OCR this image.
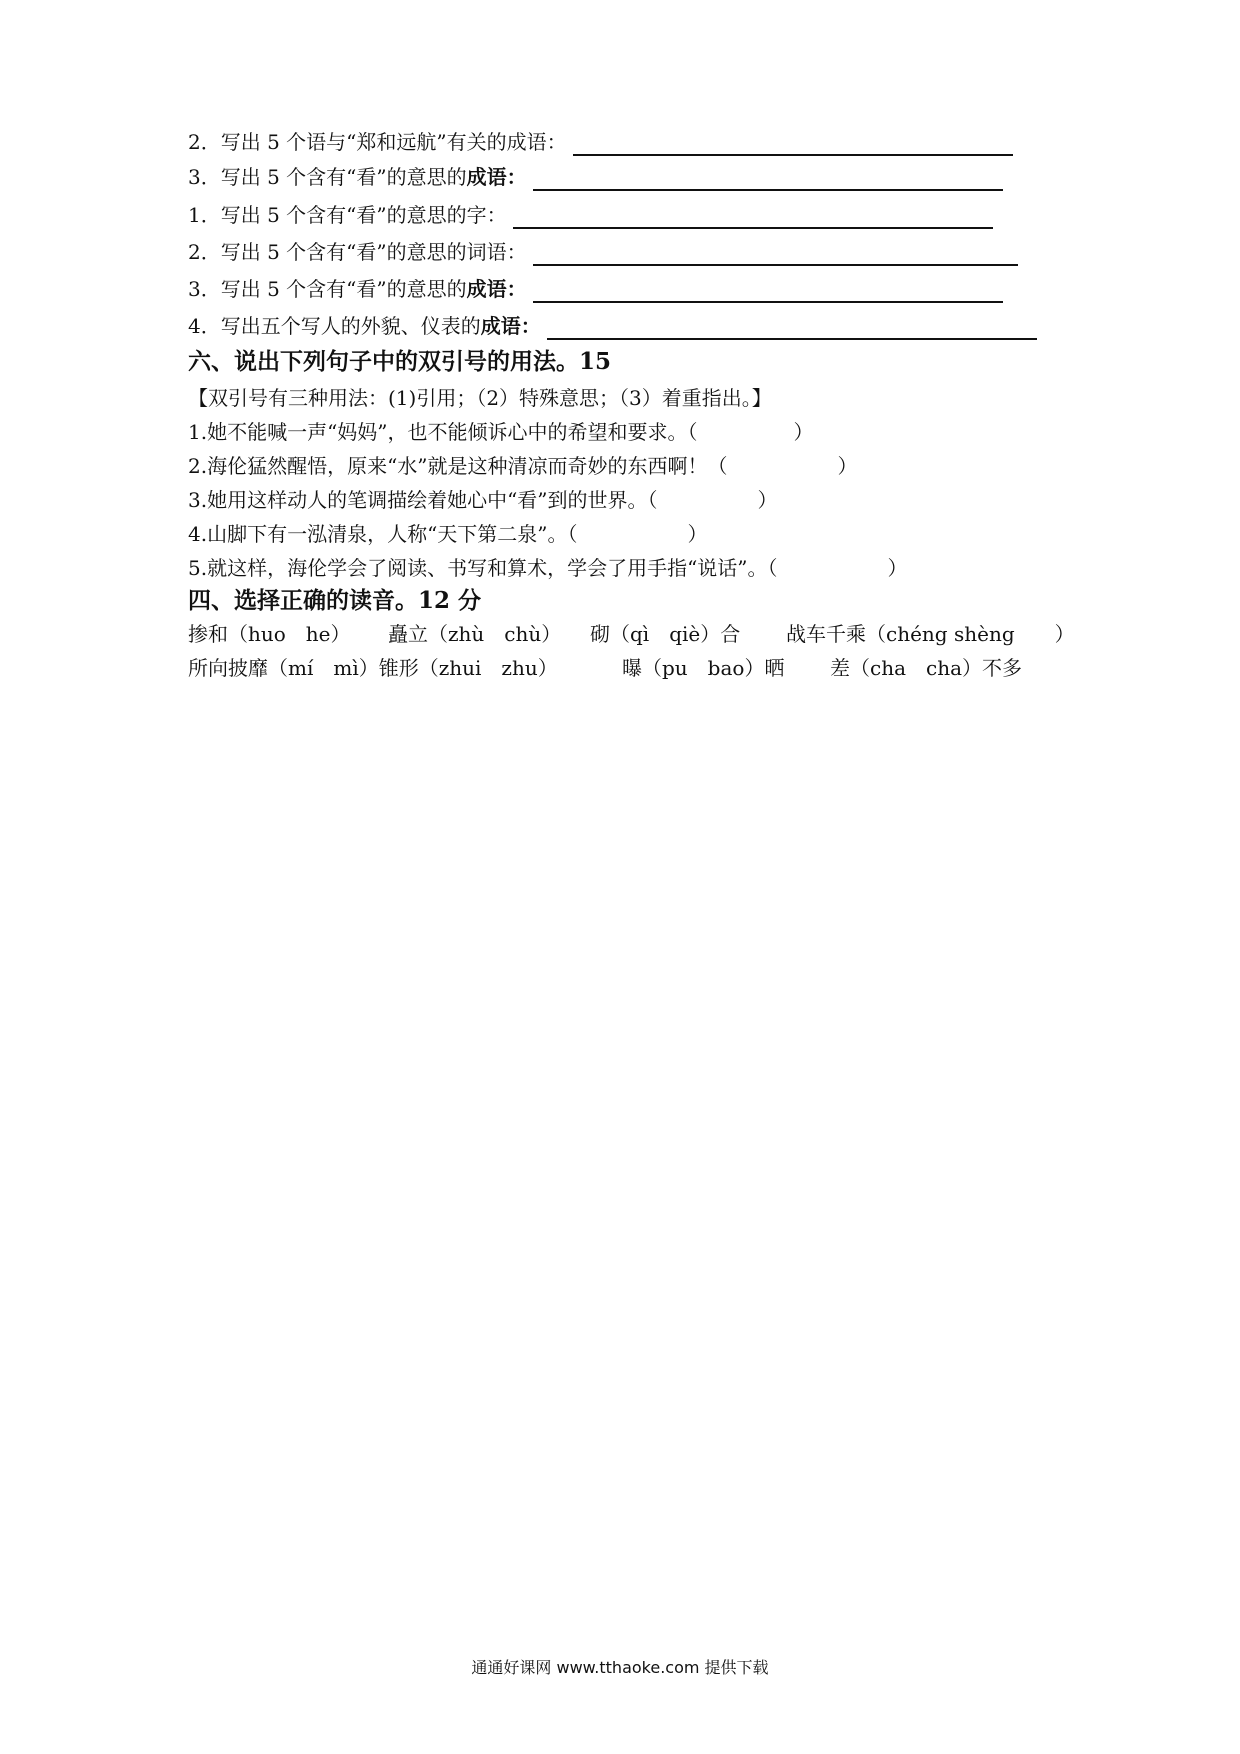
2． 写出 5 个语与“郑和远航”有关的成语：
3． 写出 5 个含有“看”的意思的 成语：
1． 写出 5 个含有“看”的意思的字：
2． 写出 5 个含有“看”的意思的词语：
3． 写出 5 个含有“看”的意思的 成语：
4． 写出五个写人的外貌、仪表的 成语：
六、说出下列句子中的双引号的用法。15
【双引号有三种用法：(1)引用；（2）特殊意思；（3）着重指出。】
1.她不能喊一声“妈妈”，也不能倾诉心中的希望和要求。（	）
2.海伦猛然醒悟，原来“水”就是这种清凉而奇妙的东西啊！（	）
3.她用这样动人的笔调描绘着她心中“看”到的世界。（	）
4.山脚下有一泓清泉，人称“天下第二泉”。（	）
5.就这样，海伦学会了阅读、书写和算术，学会了用手指“说话”。（	）
四、选择正确的读音。12 分
掺和（huo　he） 矗立（zhù　chù） 砌（qì　qiè）合 战车千乘（chéng shèng　　）
所向披靡（mí　mì）锥形（zhui　zhu）	曝（pu　bao）晒 差（cha　cha）不多
通通好课网 www.tthaoke.com 提供下载
